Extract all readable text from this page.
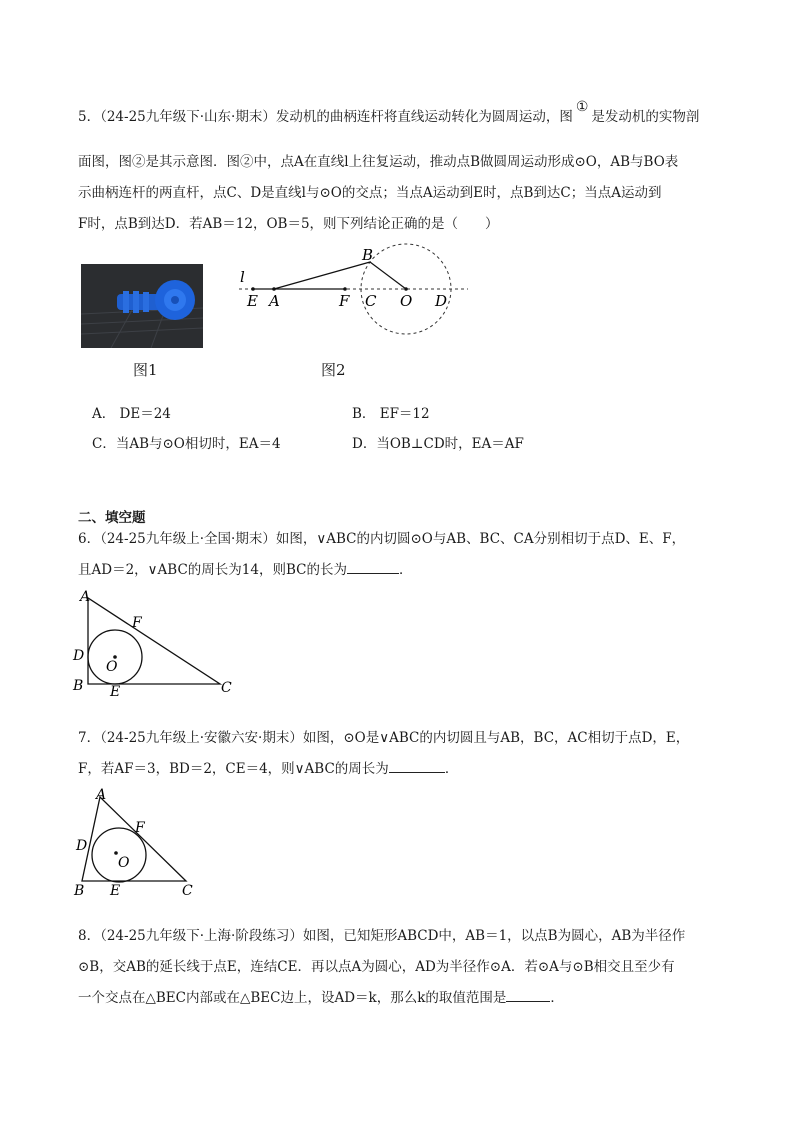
5．（24-25九年级下·山东·期末）发动机的曲柄连杆将直线运动转化为圆周运动，图①是发动机的实物剖
面图，图②是其示意图．图②中，点A在直线l上往复运动，推动点B做圆周运动形成⊙O，AB与BO表
示曲柄连杆的两直杆，点C、D是直线l与⊙O的交点；当点A运动到E时，点B到达C；当点A运动到
F时，点B到达D．若AB＝12，OB＝5，则下列结论正确的是（　　）
图1
l
B
E A	F C O D
图2
A． DE＝24	B． EF＝12
C．当AB与⊙O相切时，EA＝4	D．当OB⊥CD时，EA＝AF
二、填空题
6．（24-25九年级上·全国·期末）如图，∨ABC的内切圆⊙O与AB、BC、CA分别相切于点D、E、F，
且AD＝2，∨ABC的周长为14，则BC的长为	．
A
F
D
O
B E	C
7．（24-25九年级上·安徽六安·期末）如图，⊙O是∨ABC的内切圆且与AB，BC，AC相切于点D，E，
F，若AF＝3，BD＝2，CE＝4，则∨ABC的周长为	．
A
F
D
O
B E	C
8．（24-25九年级下·上海·阶段练习）如图，已知矩形ABCD中，AB＝1，以点B为圆心，AB为半径作
⊙B，交AB的延长线于点E，连结CE．再以点A为圆心，AD为半径作⊙A．若⊙A与⊙B相交且至少有
一个交点在△BEC内部或在△BEC边上，设AD＝k，那么k的取值范围是	．
